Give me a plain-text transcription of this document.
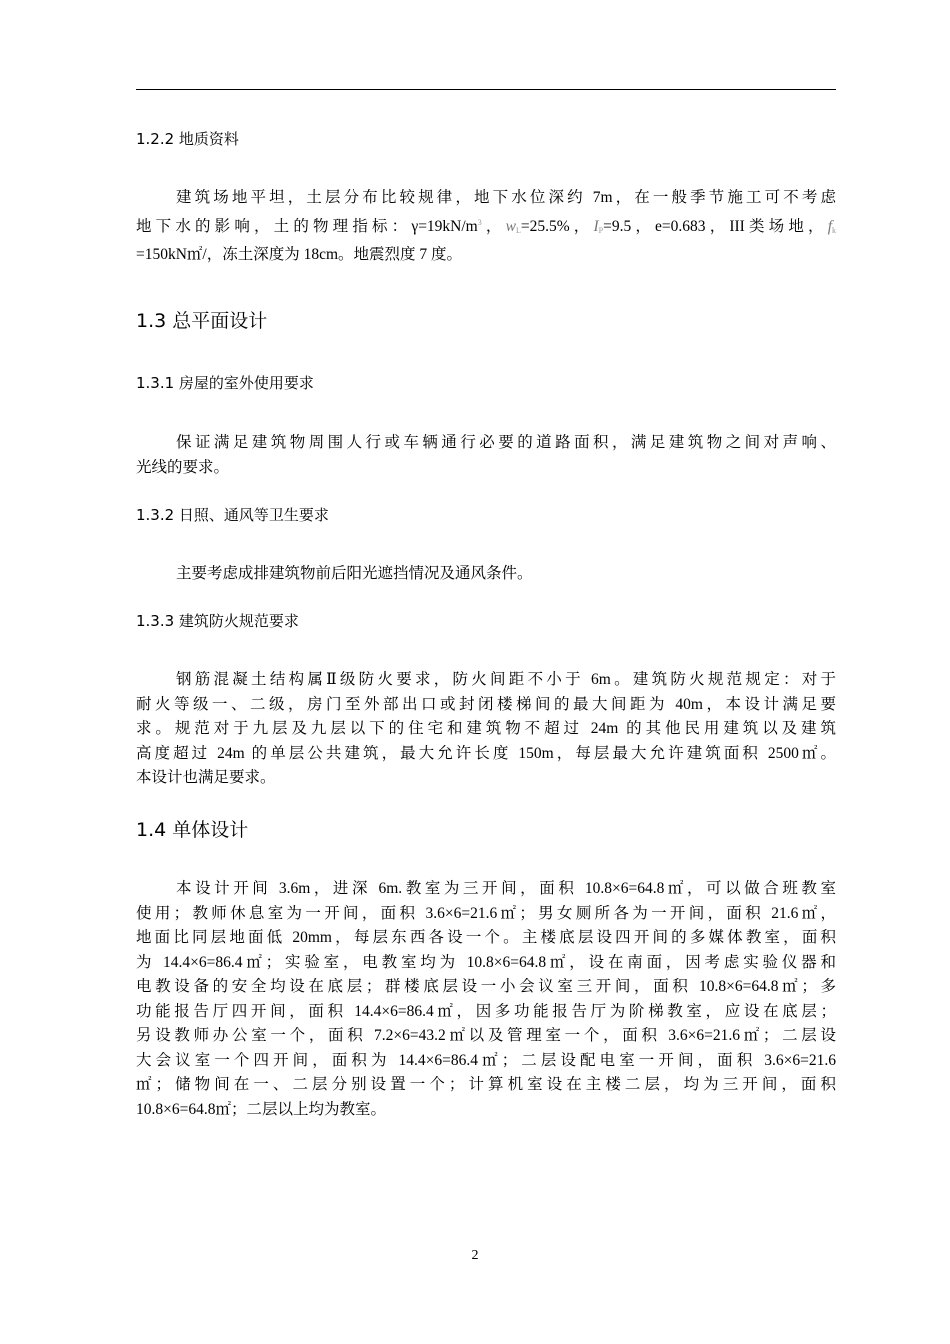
1.2.2 地质资料

建筑场地平坦，土层分布比较规律，地下水位深约 7m，在一般季节施工可不考虑

地下水的影响，土的物理指标：$\gamma=19kN/m^3$，$w_L=25.5\%$，$I_P=9.5$，e=0.683，III类场地，$f_k$

=150kN㎡/，冻土深度为 18cm。地震烈度 7 度。

1.3 总平面设计
1.3.1 房屋的室外使用要求

保证满足建筑物周围人行或车辆通行必要的道路面积，满足建筑物之间对声响、

光线的要求。

1.3.2 日照、通风等卫生要求

主要考虑成排建筑物前后阳光遮挡情况及通风条件。

1.3.3 建筑防火规范要求

钢筋混凝土结构属Ⅱ级防火要求，防火间距不小于 6m。建筑防火规范规定：对于

耐火等级一、二级，房门至外部出口或封闭楼梯间的最大间距为 40m，本设计满足要

求。规范对于九层及九层以下的住宅和建筑物不超过 24m 的其他民用建筑以及建筑

高度超过 24m 的单层公共建筑，最大允许长度 150m，每层最大允许建筑面积 2500㎡。

本设计也满足要求。

1.4 单体设计

本设计开间 3.6m，进深 6m.教室为三开间，面积 10.8×6=64.8㎡，可以做合班教室

使用；教师休息室为一开间，面积 3.6×6=21.6㎡；男女厕所各为一开间，面积 21.6㎡，

地面比同层地面低 20mm，每层东西各设一个。主楼底层设四开间的多媒体教室，面积

为 14.4×6=86.4㎡；实验室，电教室均为 10.8×6=64.8㎡，设在南面，因考虑实验仪器和

电教设备的安全均设在底层；群楼底层设一小会议室三开间，面积 10.8×6=64.8㎡；多

功能报告厅四开间，面积 14.4×6=86.4㎡，因多功能报告厅为阶梯教室，应设在底层；

另设教师办公室一个，面积 7.2×6=43.2㎡以及管理室一个，面积 3.6×6=21.6㎡；二层设

大会议室一个四开间，面积为 14.4×6=86.4㎡；二层设配电室一开间，面积 3.6×6=21.6

㎡；储物间在一、二层分别设置一个；计算机室设在主楼二层，均为三开间，面积

10.8×6=64.8㎡；二层以上均为教室。

2
